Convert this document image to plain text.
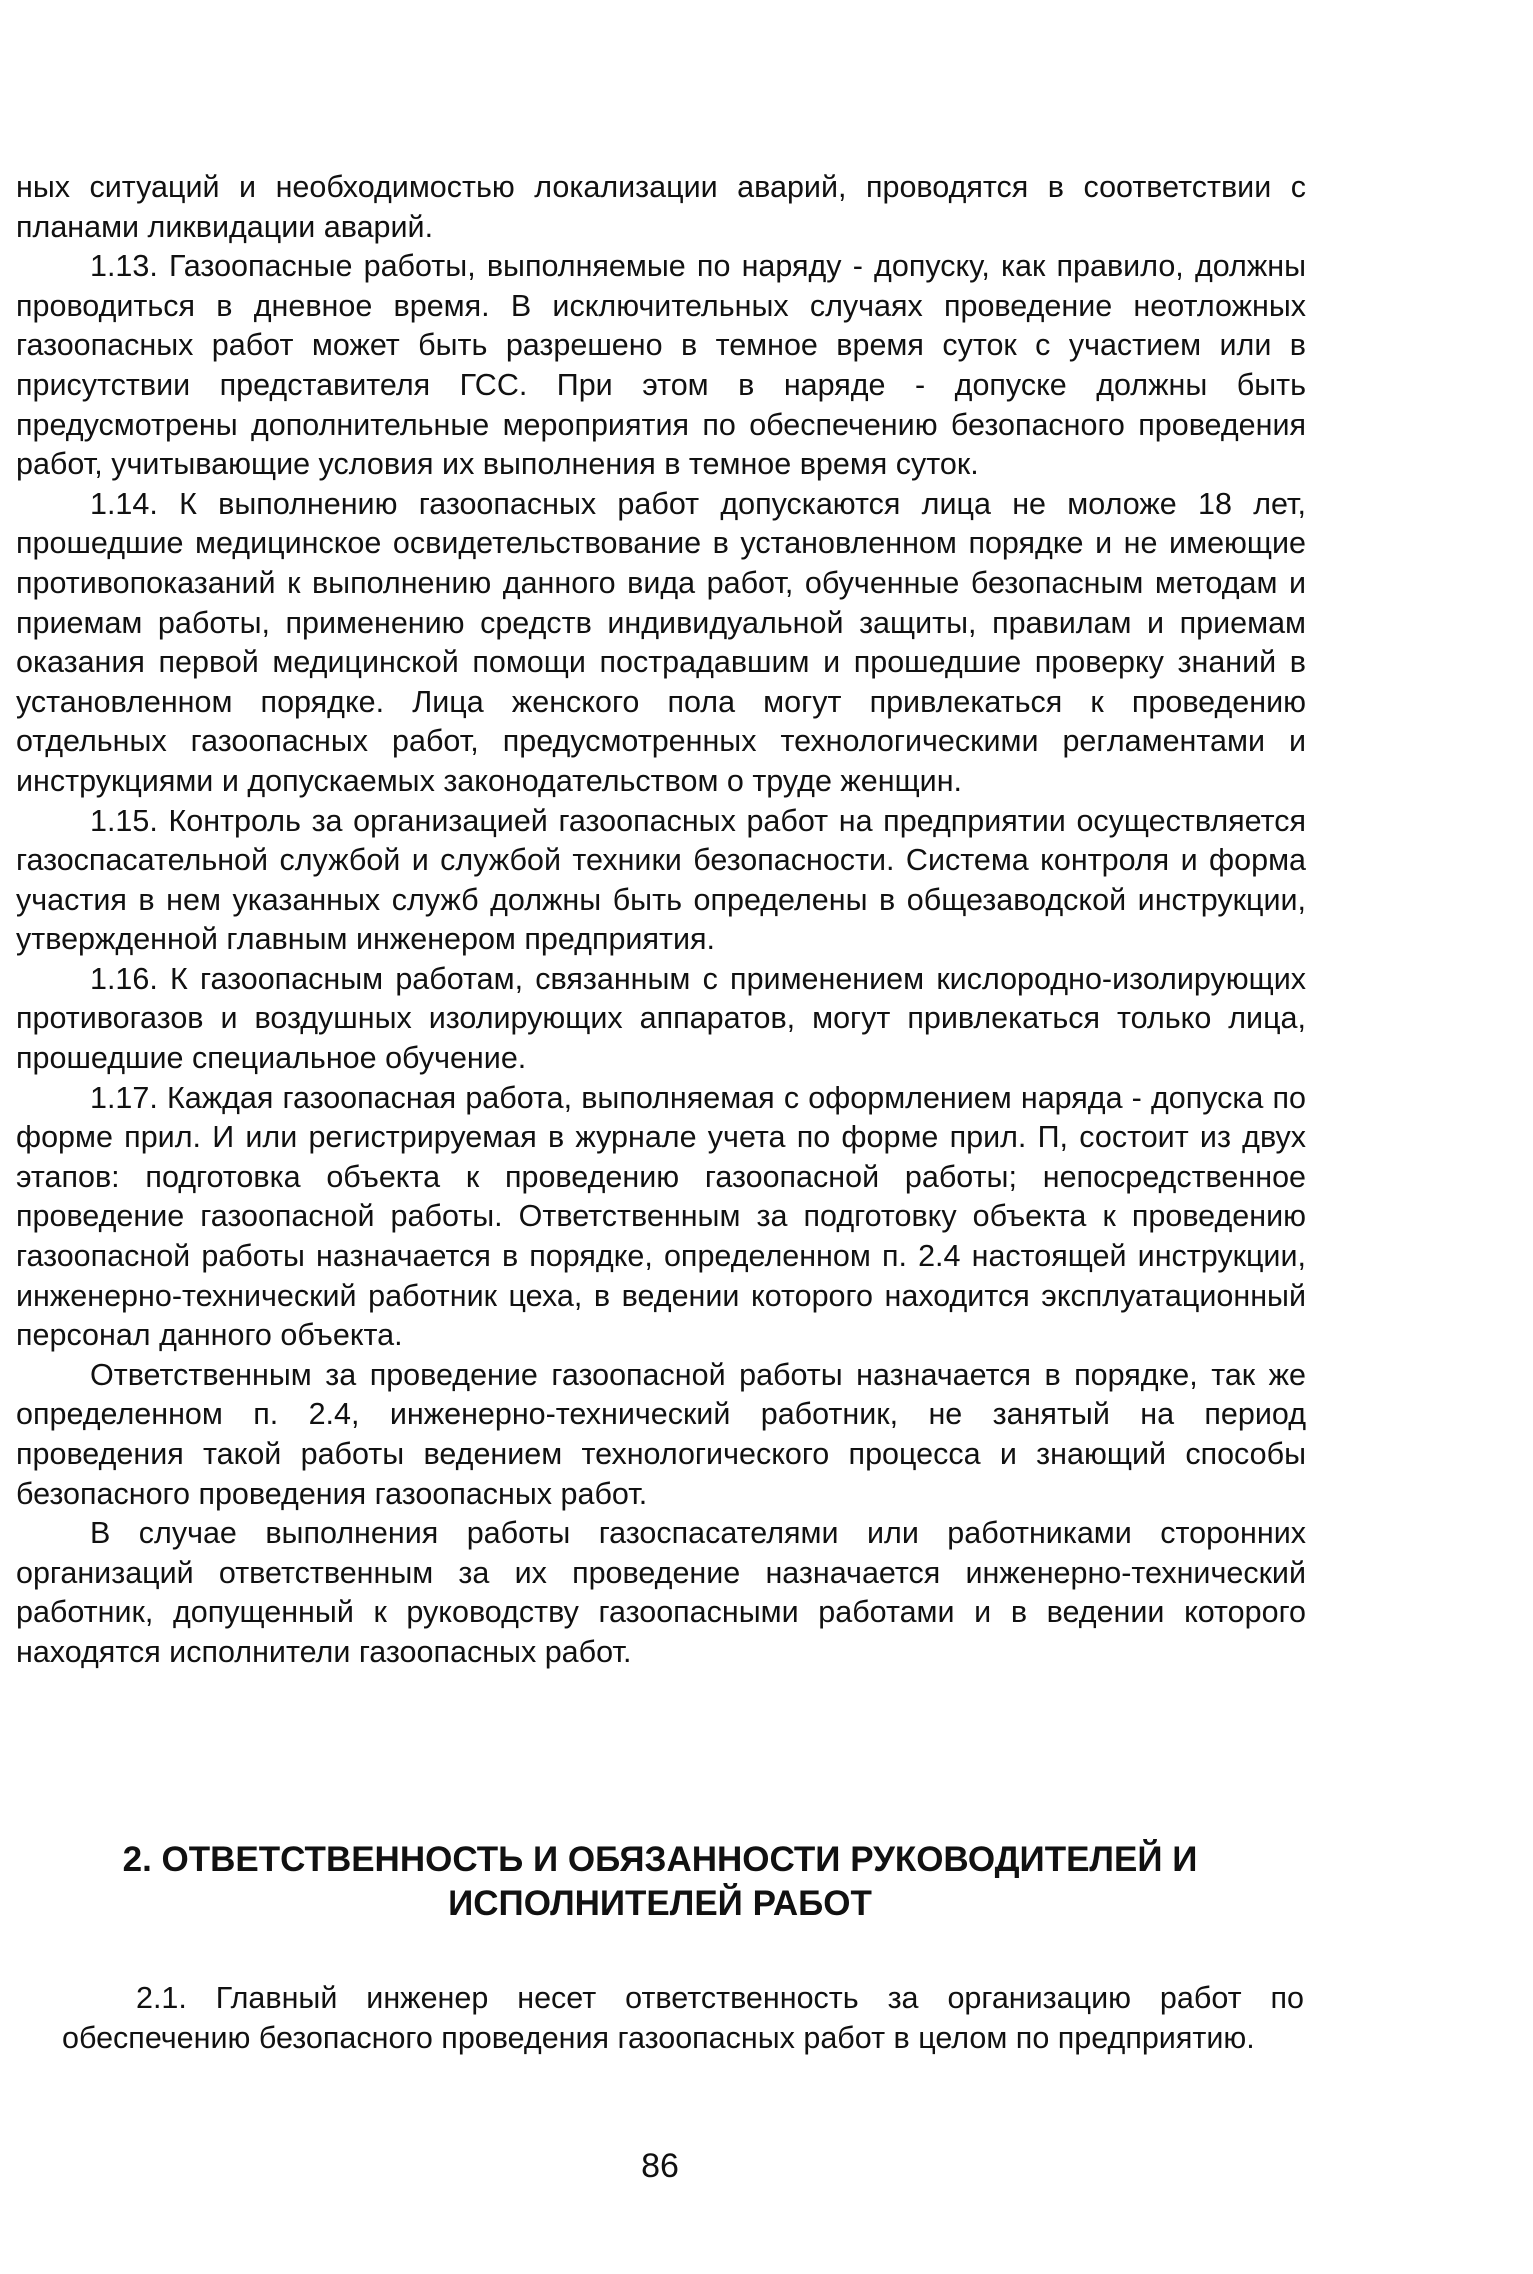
ных ситуаций и необходимостью локализации аварий, проводятся в соответствии с планами ликвидации аварий.

1.13. Газоопасные работы, выполняемые по наряду - допуску, как правило, должны проводиться в дневное время. В исключительных случаях проведение неотложных газоопасных работ может быть разрешено в темное время суток с участием или в присутствии представителя ГСС. При этом в наряде - допуске должны быть предусмотрены дополнительные мероприятия по обеспечению безопасного проведения работ, учитывающие условия их выполнения в темное время суток.

1.14. К выполнению газоопасных работ допускаются лица не моложе 18 лет, прошедшие медицинское освидетельствование в установленном порядке и не имеющие противопоказаний к выполнению данного вида работ, обученные безопасным методам и приемам работы, применению средств индивидуальной защиты, правилам и приемам оказания первой медицинской помощи пострадавшим и прошедшие проверку знаний в установленном порядке. Лица женского пола могут привлекаться к проведению отдельных газоопасных работ, предусмотренных технологическими регламентами и инструкциями и допускаемых законодательством о труде женщин.

1.15. Контроль за организацией газоопасных работ на предприятии осуществляется газоспасательной службой и службой техники безопасности. Система контроля и форма участия в нем указанных служб должны быть определены в общезаводской инструкции, утвержденной главным инженером предприятия.

1.16. К газоопасным работам, связанным с применением кислородно-изолирующих противогазов и воздушных изолирующих аппаратов, могут привлекаться только лица, прошедшие специальное обучение.

1.17. Каждая газоопасная работа, выполняемая с оформлением наряда - допуска по форме прил. И или регистрируемая в журнале учета по форме прил. П, состоит из двух этапов: подготовка объекта к проведению газоопасной работы; непосредственное проведение газоопасной работы. Ответственным за подготовку объекта к проведению газоопасной работы назначается в порядке, определенном п. 2.4 настоящей инструкции, инженерно-технический работник цеха, в ведении которого находится эксплуатационный персонал данного объекта.

Ответственным за проведение газоопасной работы назначается в порядке, так же определенном п. 2.4, инженерно-технический работник, не занятый на период проведения такой работы ведением технологического процесса и знающий способы безопасного проведения газоопасных работ.

В случае выполнения работы газоспасателями или работниками сторонних организаций ответственным за их проведение назначается инженерно-технический работник, допущенный к руководству газоопасными работами и в ведении которого находятся исполнители газоопасных работ.

2. ОТВЕТСТВЕННОСТЬ И ОБЯЗАННОСТИ РУКОВОДИТЕЛЕЙ И ИСПОЛНИТЕЛЕЙ РАБОТ

2.1. Главный инженер несет ответственность за организацию работ по обеспечению безопасного проведения газоопасных работ в целом по предприятию.

86
